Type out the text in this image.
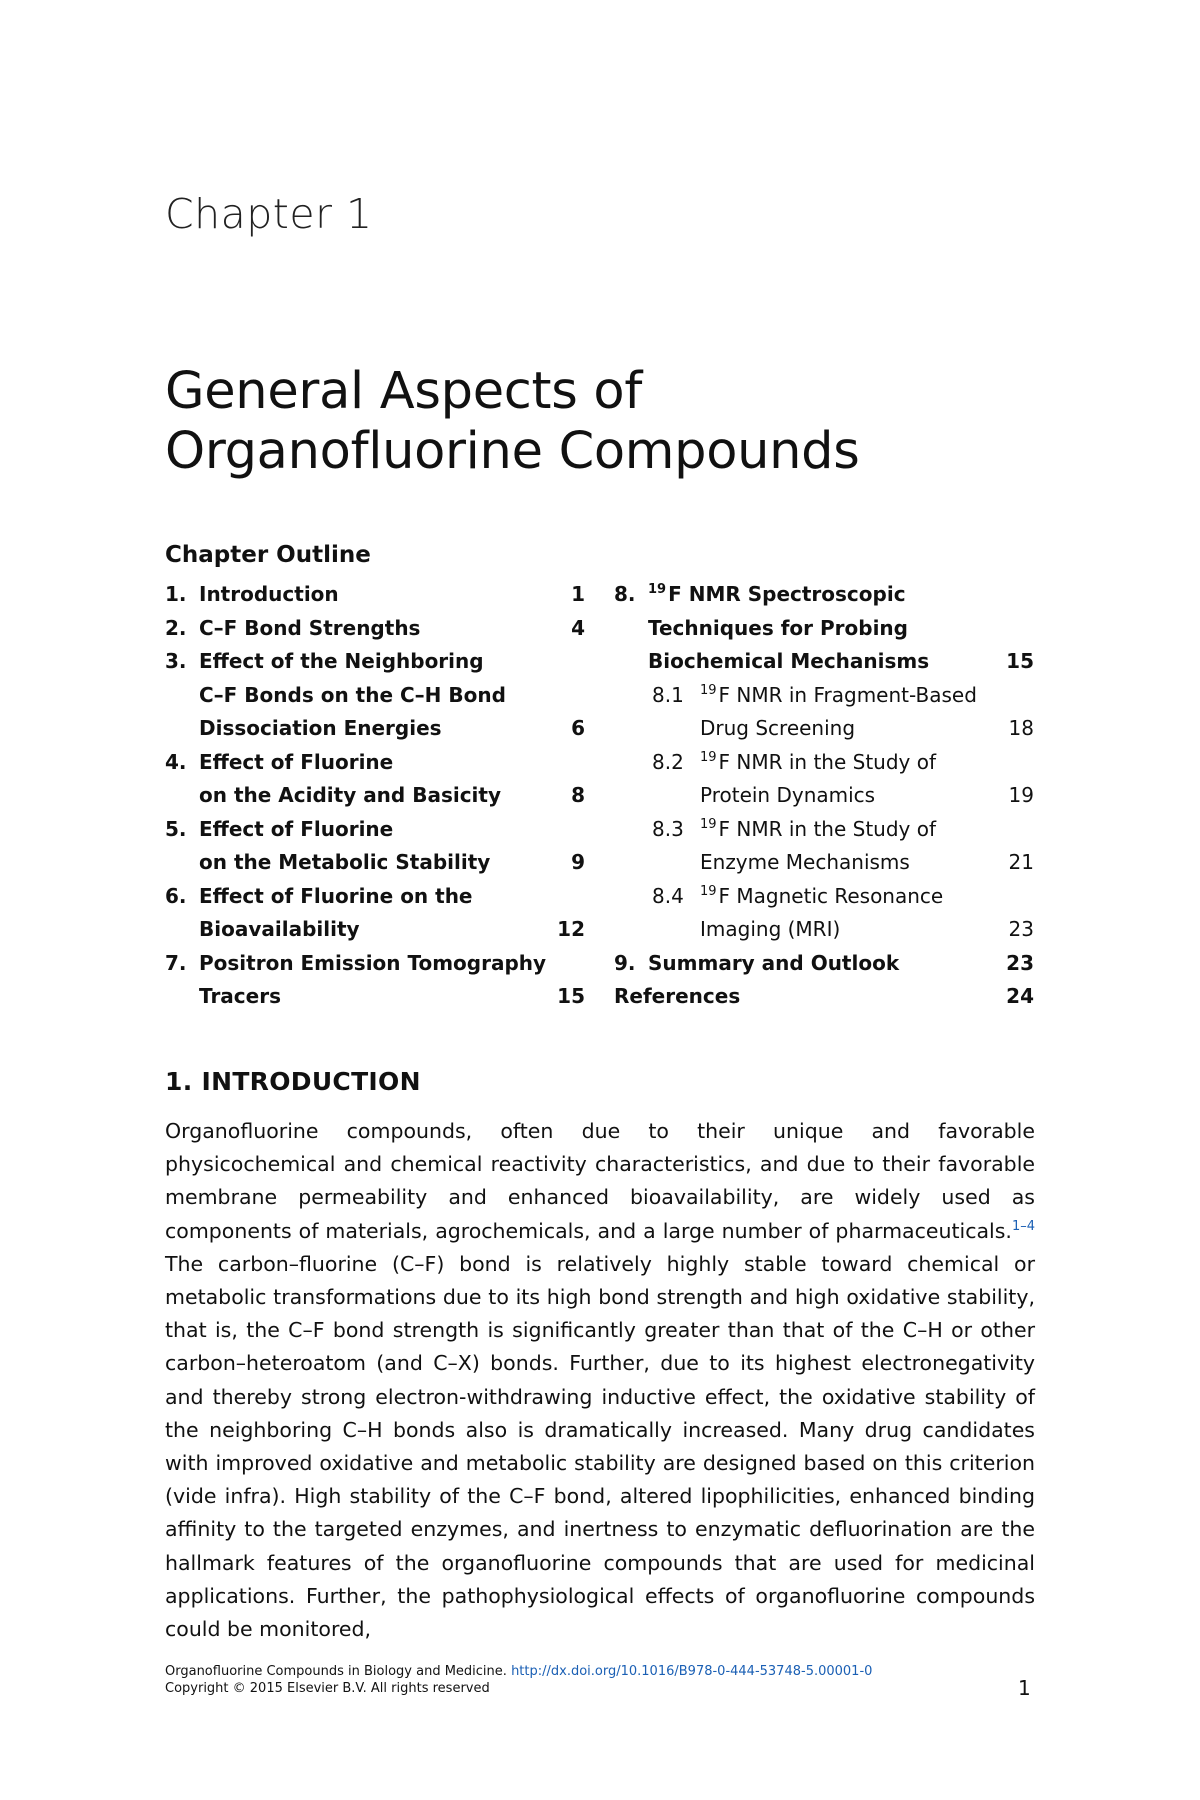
Chapter 1
General Aspects of
Organofluorine Compounds
Chapter Outline
1. Introduction	1
2. C–F Bond Strengths	4
3. Effect of the Neighboring
C–F Bonds on the C–H Bond
Dissociation Energies	6
4. Effect of Fluorine
on the Acidity and Basicity	8
5. Effect of Fluorine
on the Metabolic Stability	9
6. Effect of Fluorine on the
Bioavailability	12
7. Positron Emission Tomography
Tracers	15
8. $^{19}$ F NMR Spectroscopic
Techniques for Probing
Biochemical Mechanisms	15
8.1	$^{19}$ F NMR in Fragment-Based
Drug Screening	18
8.2	$^{19}$ F NMR in the Study of
Protein Dynamics	19
8.3	$^{19}$ F NMR in the Study of
Enzyme Mechanisms	21
8.4	$^{19}$ F Magnetic Resonance
Imaging (MRI)	23
9. Summary and Outlook	23
References	24
1. INTRODUCTION
Organofluorine compounds, often due to their unique and favorable physicochemical and chemical reactivity characteristics, and due to their favorable membrane permeability and enhanced bioavailability, are widely used as components of materials, agrochemicals, and a large number of pharmaceuticals.$^{1-4}$ The carbon–fluorine (C–F) bond is relatively highly stable toward chemical or metabolic transformations due to its high bond strength and high oxidative stability, that is, the C–F bond strength is significantly greater than that of the C–H or other carbon–heteroatom (and C–X) bonds. Further, due to its highest electronegativity and thereby strong electron-withdrawing inductive effect, the oxidative stability of the neighboring C–H bonds also is dramatically increased. Many drug candidates with improved oxidative and metabolic stability are designed based on this criterion (vide infra). High stability of the C–F bond, altered lipophilicities, enhanced binding affinity to the targeted enzymes, and inertness to enzymatic defluorination are the hallmark features of the organofluorine compounds that are used for medicinal applications. Further, the pathophysiological effects of organofluorine compounds could be monitored,
Organofluorine Compounds in Biology and Medicine. http://dx.doi.org/10.1016/B978-0-444-53748-5.00001-0
Copyright © 2015 Elsevier B.V. All rights reserved	1
